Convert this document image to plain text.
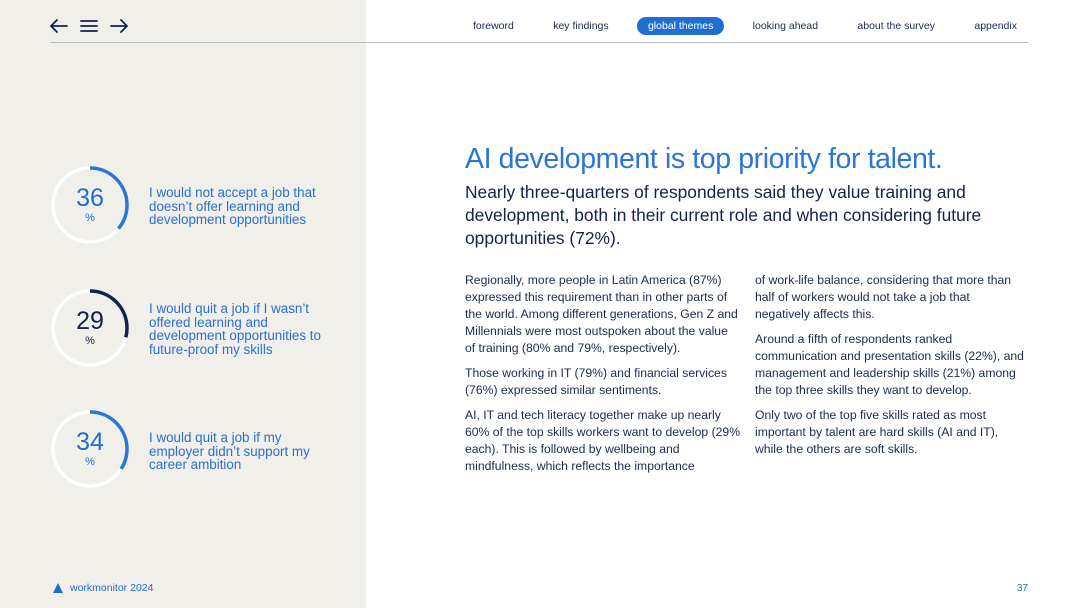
foreword	key findings	global themes	looking ahead	about the survey	appendix
36
%
I would not accept a job that doesn’t offer learning and development opportunities
29
%
I would quit a job if I wasn’t offered learning and development opportunities to future-proof my skills
34
%
I would quit a job if my employer didn’t support my career ambition
AI development is top priority for talent.

Nearly three-quarters of respondents said they value training and development, both in their current role and when considering future opportunities (72%).

Regionally, more people in Latin America (87%) expressed this requirement than in other parts of the world. Among different generations, Gen Z and Millennials were most outspoken about the value of training (80% and 79%, respectively).

Those working in IT (79%) and financial services (76%) expressed similar sentiments.

AI, IT and tech literacy together make up nearly 60% of the top skills workers want to develop (29% each). This is followed by wellbeing and mindfulness, which reflects the importance

of work-life balance, considering that more than half of workers would not take a job that negatively affects this.

Around a fifth of respondents ranked communication and presentation skills (22%), and management and leadership skills (21%) among the top three skills they want to develop.

Only two of the top five skills rated as most important by talent are hard skills (AI and IT), while the others are soft skills.

workmonitor 2024	37
